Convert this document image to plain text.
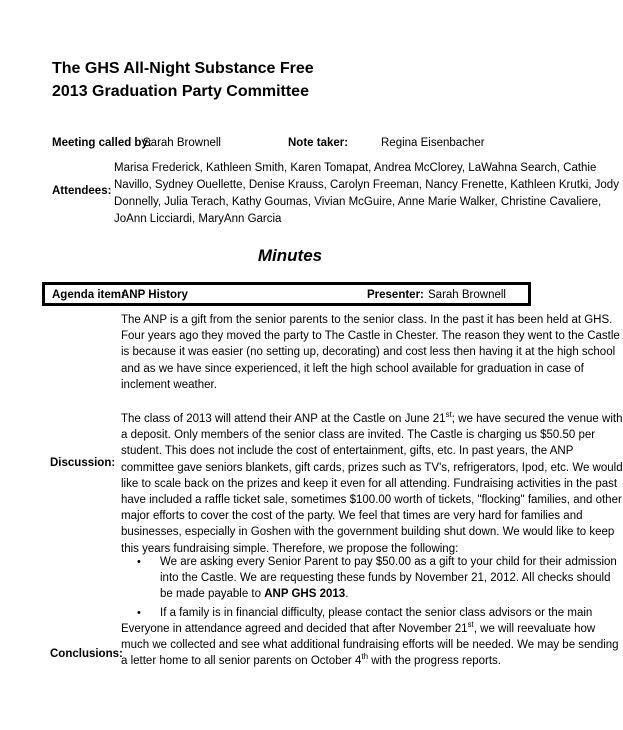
The GHS All-Night Substance Free
2013 Graduation Party Committee
Meeting called by:
Sarah Brownell	Note taker:	Regina Eisenbacher
Attendees:
Marisa Frederick, Kathleen Smith, Karen Tomapat, Andrea McClorey, LaWahna Search, Cathie
Navillo, Sydney Ouellette, Denise Krauss, Carolyn Freeman, Nancy Frenette, Kathleen Krutki, Jody
Donnelly, Julia Terach, Kathy Goumas, Vivian McGuire, Anne Marie Walker, Christine Cavaliere,
JoAnn Licciardi, MaryAnn Garcia
Minutes
Agenda item:
ANP History	Presenter: Sarah Brownell
Discussion:
The ANP is a gift from the senior parents to the senior class. In the past it has been held at GHS.
Four years ago they moved the party to The Castle in Chester. The reason they went to the Castle
is because it was easier (no setting up, decorating) and cost less then having it at the high school
and as we have since experienced, it left the high school available for graduation in case of
inclement weather.
The class of 2013 will attend their ANP at the Castle on June 21st; we have secured the venue with
a deposit. Only members of the senior class are invited. The Castle is charging us $50.50 per
student. This does not include the cost of entertainment, gifts, etc. In past years, the ANP
committee gave seniors blankets, gift cards, prizes such as TV's, refrigerators, Ipod, etc. We would
like to scale back on the prizes and keep it even for all attending. Fundraising activities in the past
have included a raffle ticket sale, sometimes $100.00 worth of tickets, "flocking" families, and other
major efforts to cover the cost of the party. We feel that times are very hard for families and
businesses, especially in Goshen with the government building shut down. We would like to keep
this years fundraising simple. Therefore, we propose the following:
• We are asking every Senior Parent to pay $50.00 as a gift to your child for their admission
into the Castle. We are requesting these funds by November 21, 2012. All checks should
be made payable to ANP GHS 2013.
• If a family is in financial difficulty, please contact the senior class advisors or the main
Conclusions:
Everyone in attendance agreed and decided that after November 21st, we will reevaluate how
much we collected and see what additional fundraising efforts will be needed. We may be sending
a letter home to all senior parents on October 4th with the progress reports.
